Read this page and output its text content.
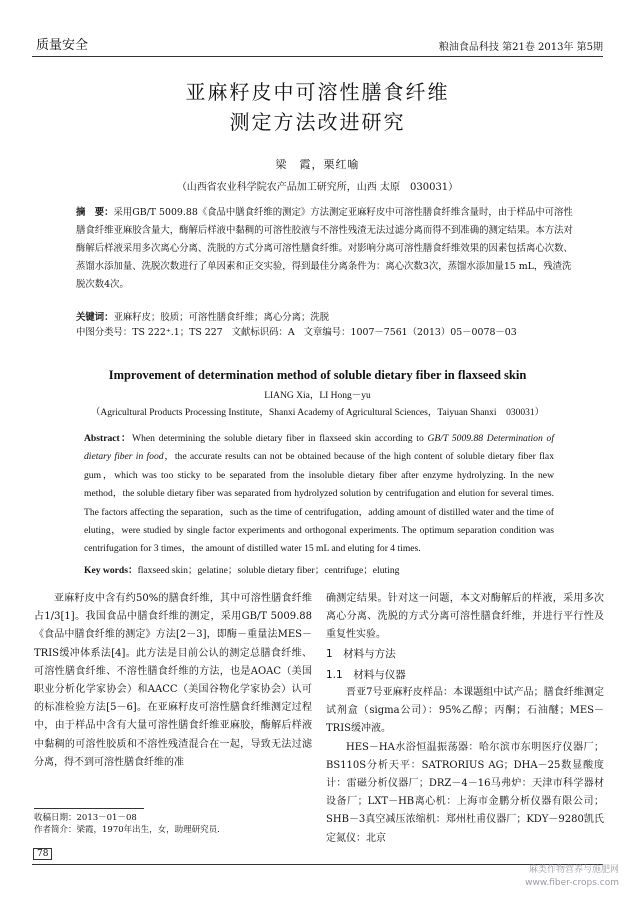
质量安全	粮油食品科技 第21卷 2013年 第5期
亚麻籽皮中可溶性膳食纤维
测定方法改进研究
梁　霞，栗红喻
（山西省农业科学院农产品加工研究所，山西 太原　030031）
摘　要：采用GB/T 5009.88《食品中膳食纤维的测定》方法测定亚麻籽皮中可溶性膳食纤维含量时，由于样品中可溶性膳食纤维亚麻胶含量大，酶解后样液中黏稠的可溶性胶液与不溶性残渣无法过滤分离而得不到准确的测定结果。本方法对酶解后样液采用多次离心分离、洗脱的方式分离可溶性膳食纤维。对影响分离可溶性膳食纤维效果的因素包括离心次数、蒸馏水添加量、洗脱次数进行了单因素和正交实验，得到最佳分离条件为：离心次数3次，蒸馏水添加量15 mL，残渣洗脱次数4次。
关键词：亚麻籽皮；胶质；可溶性膳食纤维；离心分离；洗脱
中图分类号：TS 222⁺.1；TS 227 文献标识码：A 文章编号：1007－7561（2013）05－0078－03
Improvement of determination method of soluble dietary fiber in flaxseed skin
LIANG Xia，LI Hong－yu
（Agricultural Products Processing Institute，Shanxi Academy of Agricultural Sciences，Taiyuan Shanxi　030031）
Abstract：When determining the soluble dietary fiber in flaxseed skin according to GB/T 5009.88 Determination of dietary fiber in food，the accurate results can not be obtained because of the high content of soluble dietary fiber flax gum，which was too sticky to be separated from the insoluble dietary fiber after enzyme hydrolyzing. In the new method，the soluble dietary fiber was separated from hydrolyzed solution by centrifugation and elution for several times. The factors affecting the separation，such as the time of centrifugation，adding amount of distilled water and the time of eluting，were studied by single factor experiments and orthogonal experiments. The optimum separation condition was centrifugation for 3 times，the amount of distilled water 15 mL and eluting for 4 times.
Key words：flaxseed skin；gelatine；soluble dietary fiber；centrifuge；eluting
亚麻籽皮中含有约50%的膳食纤维，其中可溶性膳食纤维占1/3[1]。我国食品中膳食纤维的测定，采用GB/T 5009.88《食品中膳食纤维的测定》方法[2－3]，即酶－重量法MES－TRIS缓冲体系法[4]。此方法是目前公认的测定总膳食纤维、可溶性膳食纤维、不溶性膳食纤维的方法，也是AOAC（美国职业分析化学家协会）和AACC（美国谷物化学家协会）认可的标准检验方法[5－6]。在亚麻籽皮可溶性膳食纤维测定过程中，由于样品中含有大量可溶性膳食纤维亚麻胶，酶解后样液中黏稠的可溶性胶质和不溶性残渣混合在一起，导致无法过滤分离，得不到可溶性膳食纤维的准
确测定结果。针对这一问题，本文对酶解后的样液，采用多次离心分离、洗脱的方式分离可溶性膳食纤维，并进行平行性及重复性实验。
1　材料与方法
1.1　材料与仪器
晋亚7号亚麻籽皮样品：本课题组中试产品；膳食纤维测定试剂盒（sigma公司）：95%乙醇；丙酮；石油醚；MES－TRIS缓冲液。
HES－HA水浴恒温振荡器：哈尔滨市东明医疗仪器厂；BS110S分析天平：SATRORIUS AG；DHA－25数显酸度计：雷磁分析仪器厂；DRZ－4－16马弗炉：天津市科学器材设备厂；LXT－HB离心机：上海市金鹏分析仪器有限公司；SHB－3真空减压浓缩机：郑州杜甫仪器厂；KDY－9280凯氏定氮仪：北京
收稿日期：2013－01－08
作者简介：梁霞，1970年出生，女，助理研究员.
78
麻类作物营养与施肥网
www.fiber-crops.com
